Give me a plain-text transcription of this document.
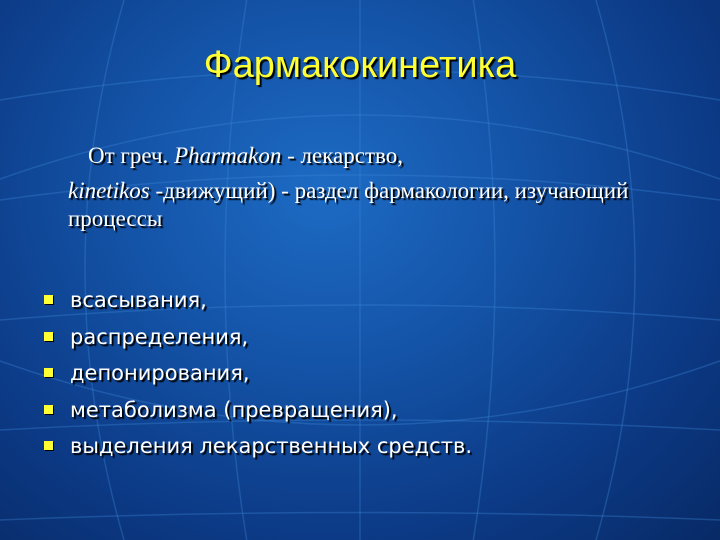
Фармакокинетика
От греч. Pharmakon - лекарство,
kinetikos -движущий) - раздел фармакологии, изучающий процессы
всасывания,
распределения,
депонирования,
метаболизма (превращения),
выделения лекарственных средств.
